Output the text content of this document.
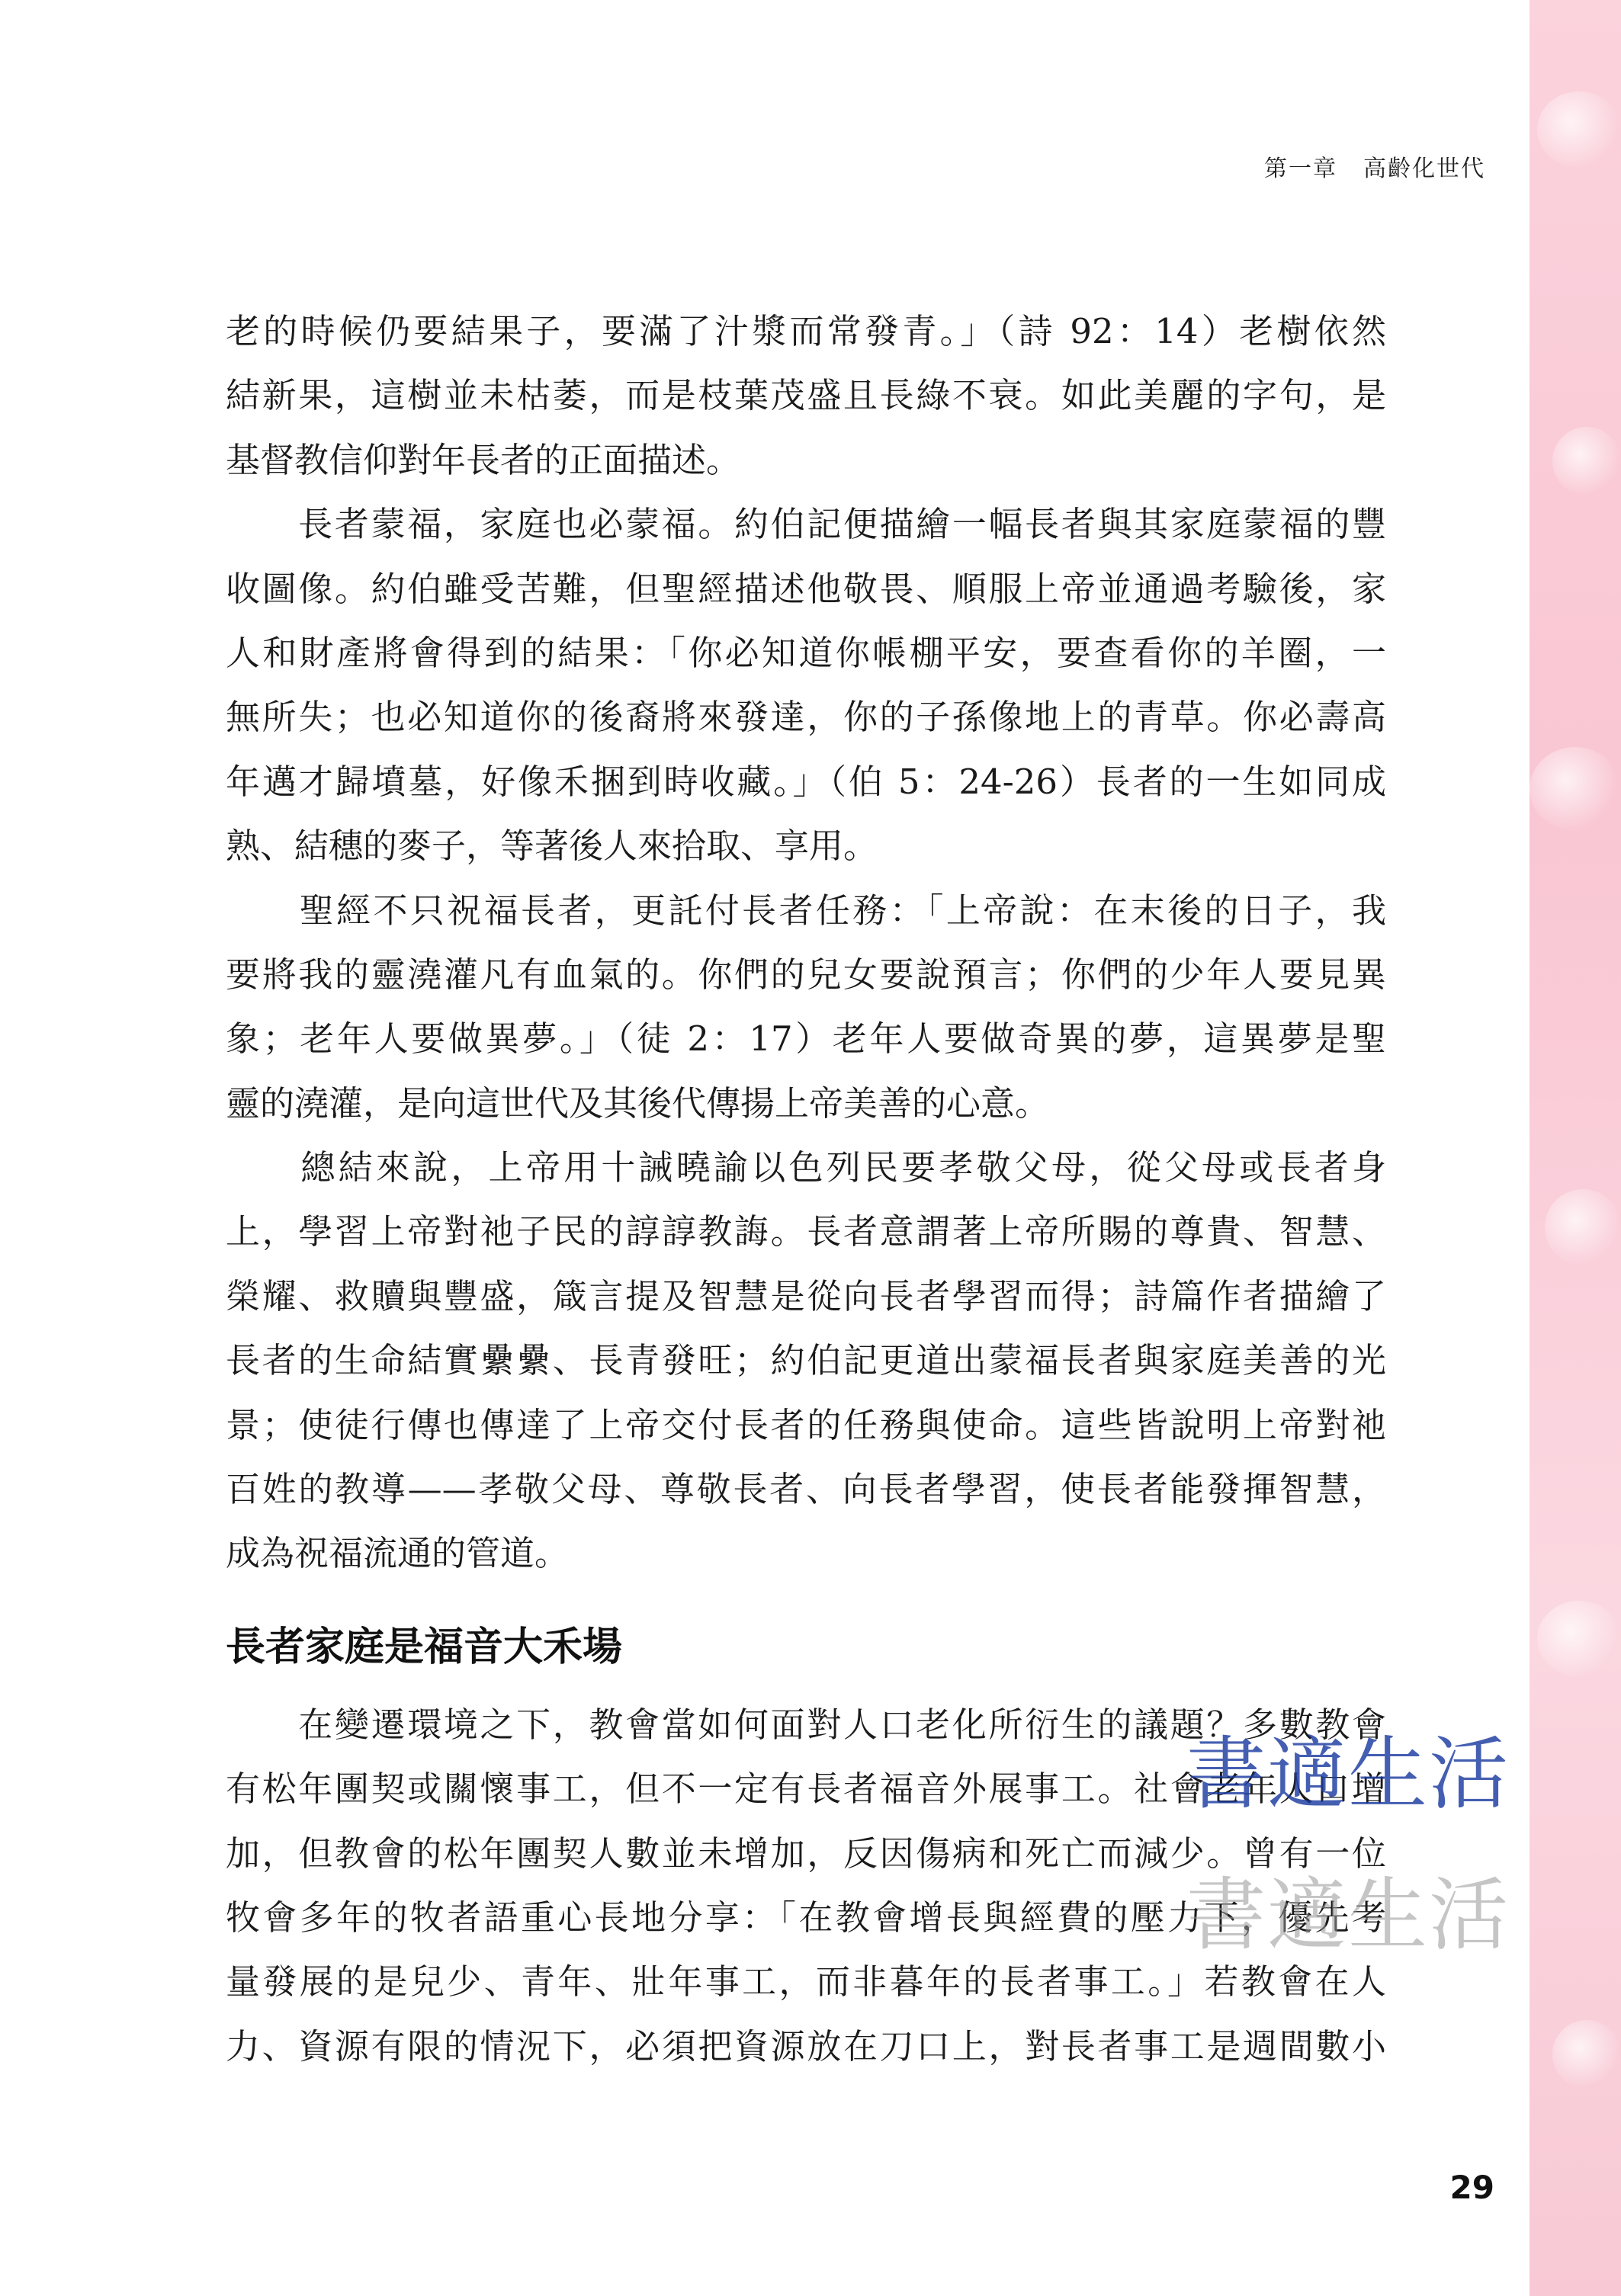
第一章 高齡化世代
老的時候仍要結果子，要滿了汁漿而常發青。」（詩 92：14）老樹依然
結新果，這樹並未枯萎，而是枝葉茂盛且長綠不衰。如此美麗的字句，是
基督教信仰對年長者的正面描述。
　　長者蒙福，家庭也必蒙福。約伯記便描繪一幅長者與其家庭蒙福的豐
收圖像。約伯雖受苦難，但聖經描述他敬畏、順服上帝並通過考驗後，家
人和財產將會得到的結果：「你必知道你帳棚平安，要查看你的羊圈，一
無所失；也必知道你的後裔將來發達，你的子孫像地上的青草。你必壽高
年邁才歸墳墓，好像禾捆到時收藏。」（伯 5：24-26）長者的一生如同成
熟、結穗的麥子，等著後人來拾取、享用。
　　聖經不只祝福長者，更託付長者任務：「上帝說：在末後的日子，我
要將我的靈澆灌凡有血氣的。你們的兒女要說預言；你們的少年人要見異
象；老年人要做異夢。」（徒 2：17）老年人要做奇異的夢，這異夢是聖
靈的澆灌，是向這世代及其後代傳揚上帝美善的心意。
　　總結來說，上帝用十誡曉諭以色列民要孝敬父母，從父母或長者身
上，學習上帝對祂子民的諄諄教誨。長者意謂著上帝所賜的尊貴、智慧、
榮耀、救贖與豐盛，箴言提及智慧是從向長者學習而得；詩篇作者描繪了
長者的生命結實纍纍、長青發旺；約伯記更道出蒙福長者與家庭美善的光
景；使徒行傳也傳達了上帝交付長者的任務與使命。這些皆說明上帝對祂
百姓的教導——孝敬父母、尊敬長者、向長者學習，使長者能發揮智慧，
成為祝福流通的管道。
長者家庭是福音大禾場
　　在變遷環境之下，教會當如何面對人口老化所衍生的議題？多數教會
有松年團契或關懷事工，但不一定有長者福音外展事工。社會老年人口增
加，但教會的松年團契人數並未增加，反因傷病和死亡而減少。曾有一位
牧會多年的牧者語重心長地分享：「在教會增長與經費的壓力下，優先考
量發展的是兒少、青年、壯年事工，而非暮年的長者事工。」若教會在人
力、資源有限的情況下，必須把資源放在刀口上，對長者事工是週間數小
書適生活
書適生活
29
